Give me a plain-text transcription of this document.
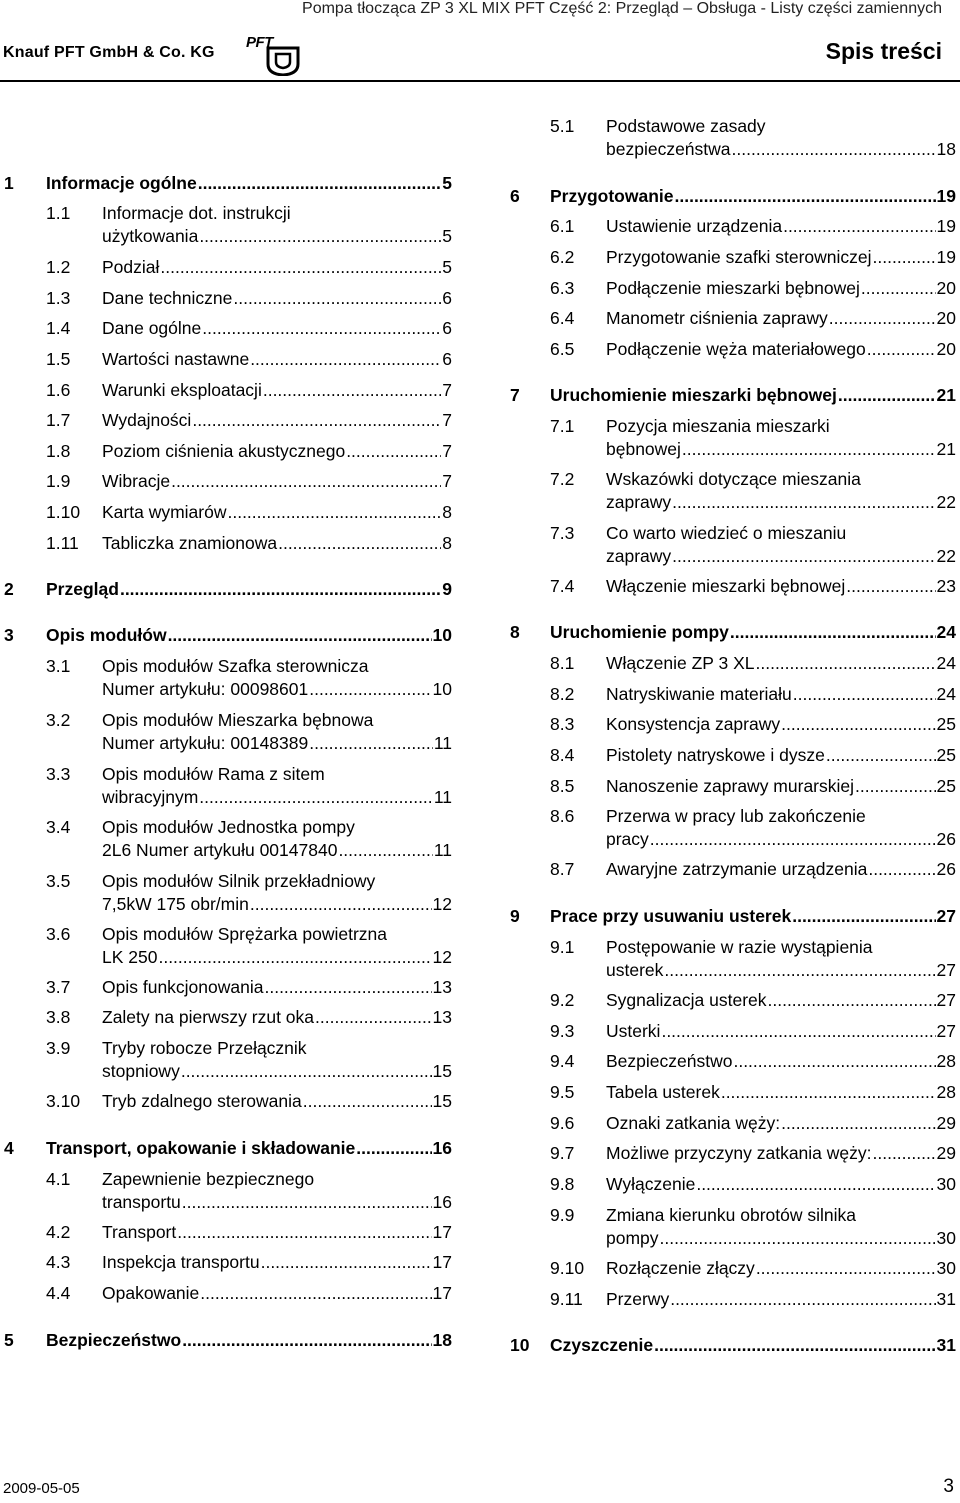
Pompa tłocząca ZP 3 XL MIX PFT Część 2: Przegląd – Obsługa - Listy części zamiennych
Knauf PFT GmbH & Co. KG
PFT	Spis treści
1 Informacje ogólne .....	5
1.1 Informacje dot. instrukcji
użytkowania .....	5
1.2 Podział .....	5
1.3 Dane techniczne .....	6
1.4 Dane ogólne .....	6
1.5 Wartości nastawne .....	6
1.6 Warunki eksploatacji .....	7
1.7 Wydajności .....	7
1.8 Poziom ciśnienia akustycznego .....	7
1.9 Wibracje .....	7
1.10 Karta wymiarów .....	8
1.11 Tabliczka znamionowa .....	8
2 Przegląd .....	9
3 Opis modułów .....	10
3.1 Opis modułów Szafka sterownicza
Numer artykułu: 00098601 .....	10
3.2 Opis modułów Mieszarka bębnowa
Numer artykułu: 00148389 .....	11
3.3 Opis modułów Rama z sitem
wibracyjnym .....	11
3.4 Opis modułów Jednostka pompy
2L6 Numer artykułu 00147840 .....	11
3.5 Opis modułów Silnik przekładniowy
7,5kW 175 obr/min .....	12
3.6 Opis modułów Sprężarka powietrzna
LK 250 .....	12
3.7 Opis funkcjonowania .....	13
3.8 Zalety na pierwszy rzut oka .....	13
3.9 Tryby robocze Przełącznik
stopniowy .....	15
3.10 Tryb zdalnego sterowania .....	15
4 Transport, opakowanie i składowanie .....	16
4.1 Zapewnienie bezpiecznego
transportu .....	16
4.2 Transport .....	17
4.3 Inspekcja transportu .....	17
4.4 Opakowanie .....	17
5 Bezpieczeństwo .....	18
5.1 Podstawowe zasady
bezpieczeństwa .....	18
6 Przygotowanie .....	19
6.1 Ustawienie urządzenia .....	19
6.2 Przygotowanie szafki sterowniczej .....	19
6.3 Podłączenie mieszarki bębnowej .....	20
6.4 Manometr ciśnienia zaprawy .....	20
6.5 Podłączenie węża materiałowego .....	20
7 Uruchomienie mieszarki bębnowej .....	21
7.1 Pozycja mieszania mieszarki
bębnowej .....	21
7.2 Wskazówki dotyczące mieszania
zaprawy .....	22
7.3 Co warto wiedzieć o mieszaniu
zaprawy .....	22
7.4 Włączenie mieszarki bębnowej .....	23
8 Uruchomienie pompy .....	24
8.1 Włączenie ZP 3 XL .....	24
8.2 Natryskiwanie materiału .....	24
8.3 Konsystencja zaprawy .....	25
8.4 Pistolety natryskowe i dysze .....	25
8.5 Nanoszenie zaprawy murarskiej .....	25
8.6 Przerwa w pracy lub zakończenie
pracy .....	26
8.7 Awaryjne zatrzymanie urządzenia .....	26
9 Prace przy usuwaniu usterek .....	27
9.1 Postępowanie w razie wystąpienia
usterek .....	27
9.2 Sygnalizacja usterek .....	27
9.3 Usterki .....	27
9.4 Bezpieczeństwo .....	28
9.5 Tabela usterek .....	28
9.6 Oznaki zatkania węży: .....	29
9.7 Możliwe przyczyny zatkania węży: .....	29
9.8 Wyłączenie .....	30
9.9 Zmiana kierunku obrotów silnika
pompy .....	30
9.10 Rozłączenie złączy .....	30
9.11 Przerwy .....	31
10 Czyszczenie .....	31
2009-05-05	3
